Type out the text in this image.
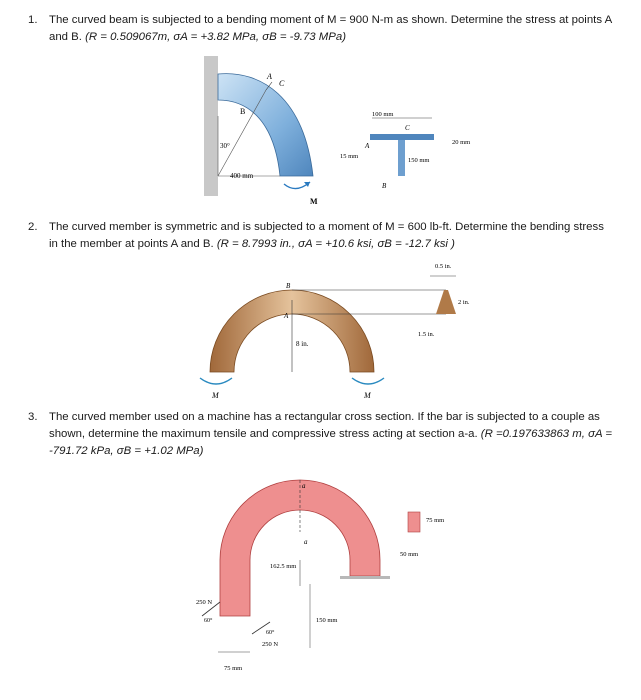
1. The curved beam is subjected to a bending moment of M = 900 N-m as shown. Determine the stress at points A and B. (R = 0.509067m, σA = +3.82 MPa, σB = -9.73 MPa)
B
A
C
30°
400 mm
M
100 mm
C
A	20 mm
15 mm
150 mm
B
2. The curved member is symmetric and is subjected to a moment of M = 600 lb-ft. Determine the bending stress in the member at points A and B. (R = 8.7993 in., σA = +10.6 ksi, σB = -12.7 ksi )
B
A
8 in.
M	M
0.5 in.
2 in.
1.5 in.
3. The curved member used on a machine has a rectangular cross section. If the bar is subjected to a couple as shown, determine the maximum tensile and compressive stress acting at section a-a. (R =0.197633863 m, σA = -791.72 kPa, σB = +1.02 MPa)
a
a
162.5 mm
150 mm
250 N
60°
60°
250 N
75 mm
75 mm
50 mm
